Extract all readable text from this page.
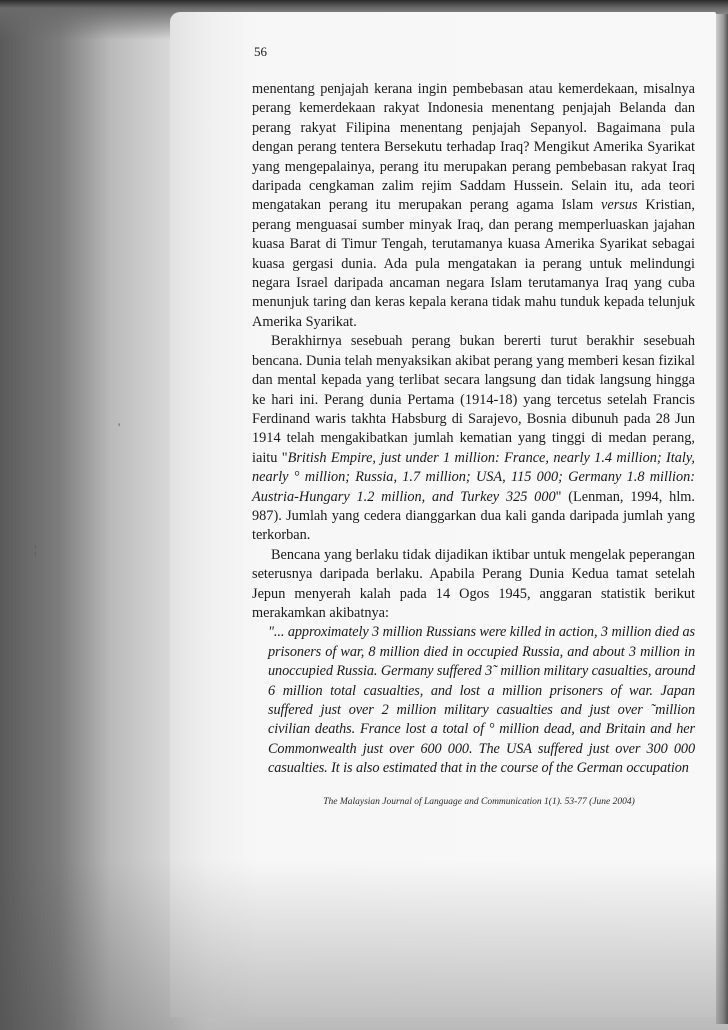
'
¦

56

menentang penjajah kerana ingin pembebasan atau kemerdekaan, misalnya perang kemerdekaan rakyat Indonesia menentang penjajah Belanda dan perang rakyat Filipina menentang penjajah Sepanyol. Bagaimana pula dengan perang tentera Bersekutu terhadap Iraq? Mengikut Amerika Syarikat yang mengepalainya, perang itu merupakan perang pembebasan rakyat Iraq daripada cengkaman zalim rejim Saddam Hussein. Selain itu, ada teori mengatakan perang itu merupakan perang agama Islam versus Kristian, perang menguasai sumber minyak Iraq, dan perang memperluaskan jajahan kuasa Barat di Timur Tengah, terutamanya kuasa Amerika Syarikat sebagai kuasa gergasi dunia. Ada pula mengatakan ia perang untuk melindungi negara Israel daripada ancaman negara Islam terutamanya Iraq yang cuba menunjuk taring dan keras kepala kerana tidak mahu tunduk kepada telunjuk Amerika Syarikat.

Berakhirnya sesebuah perang bukan bererti turut berakhir sesebuah bencana. Dunia telah menyaksikan akibat perang yang memberi kesan fizikal dan mental kepada yang terlibat secara langsung dan tidak langsung hingga ke hari ini. Perang dunia Pertama (1914-18) yang tercetus setelah Francis Ferdinand waris takhta Habsburg di Sarajevo, Bosnia dibunuh pada 28 Jun 1914 telah mengakibatkan jumlah kematian yang tinggi di medan perang, iaitu "British Empire, just under 1 million: France, nearly 1.4 million; Italy, nearly ° million; Russia, 1.7 million; USA, 115 000; Germany 1.8 million: Austria-Hungary 1.2 million, and Turkey 325 000" (Lenman, 1994, hlm. 987). Jumlah yang cedera dianggarkan dua kali ganda daripada jumlah yang terkorban.

Bencana yang berlaku tidak dijadikan iktibar untuk mengelak peperangan seterusnya daripada berlaku. Apabila Perang Dunia Kedua tamat setelah Jepun menyerah kalah pada 14 Ogos 1945, anggaran statistik berikut merakamkan akibatnya:

"... approximately 3 million Russians were killed in action, 3 million died as prisoners of war, 8 million died in occupied Russia, and about 3 million in unoccupied Russia. Germany suffered 3˜ million military casualties, around 6 million total casualties, and lost a million prisoners of war. Japan suffered just over 2 million military casualties and just over ˜million civilian deaths. France lost a total of ° million dead, and Britain and her Commonwealth just over 600 000. The USA suffered just over 300 000 casualties. It is also estimated that in the course of the German occupation

The Malaysian Journal of Language and Communication 1(1). 53-77 (June 2004)
